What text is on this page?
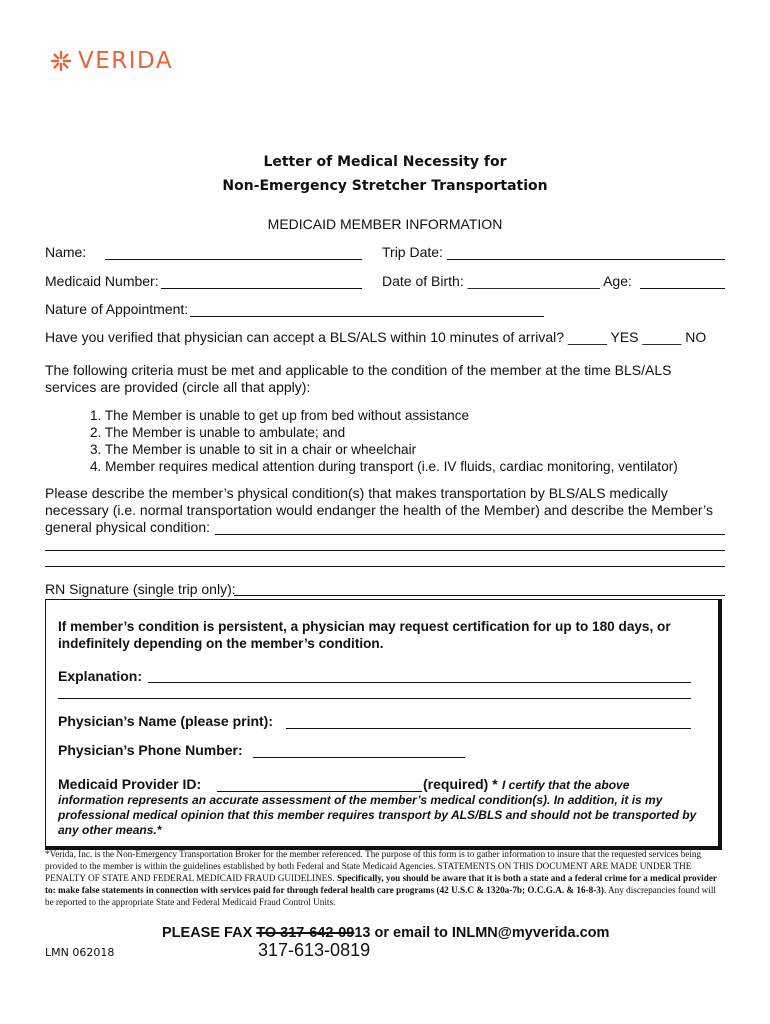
VERIDA
Letter of Medical Necessity for
Non-Emergency Stretcher Transportation
MEDICAID MEMBER INFORMATION
Name:	Trip Date:
Medicaid Number:	Date of Birth: _________________ Age:
Nature of Appointment:
Have you verified that physician can accept a BLS/ALS within 10 minutes of arrival? _____ YES _____ NO
The following criteria must be met and applicable to the condition of the member at the time BLS/ALS services are provided (circle all that apply):
1. The Member is unable to get up from bed without assistance
2. The Member is unable to ambulate; and
3. The Member is unable to sit in a chair or wheelchair
4. Member requires medical attention during transport (i.e. IV fluids, cardiac monitoring, ventilator)
Please describe the member’s physical condition(s) that makes transportation by BLS/ALS medically necessary (i.e. normal transportation would endanger the health of the Member) and describe the Member’s general physical condition:
RN Signature (single trip only):
If member’s condition is persistent, a physician may request certification for up to 180 days, or indefinitely depending on the member’s condition.
Explanation:
Physician’s Name (please print):
Physician’s Phone Number:
Medicaid Provider ID:	(required) * I certify that the above
information represents an accurate assessment of the member’s medical condition(s). In addition, it is my professional medical opinion that this member requires transport by ALS/BLS and should not be transported by any other means.*
*Verida, Inc. is the Non-Emergency Transportation Broker for the member referenced. The purpose of this form is to gather information to insure that the requested services being provided to the member is within the guidelines established by both Federal and State Medicaid Agencies. STATEMENTS ON THIS DOCUMENT ARE MADE UNDER THE PENALTY OF STATE AND FEDERAL MEDICAID FRAUD GUIDELINES. Specifically, you should be aware that it is both a state and a federal crime for a medical provider to: make false statements in connection with services paid for through federal health care programs (42 U.S.C & 1320a-7b; O.C.G.A. & 16-8-3). Any discrepancies found will be reported to the appropriate State and Federal Medicaid Fraud Control Units.
PLEASE FAX TO 317-642-0913 or email to INLMN@myverida.com
317-613-0819
LMN 062018
